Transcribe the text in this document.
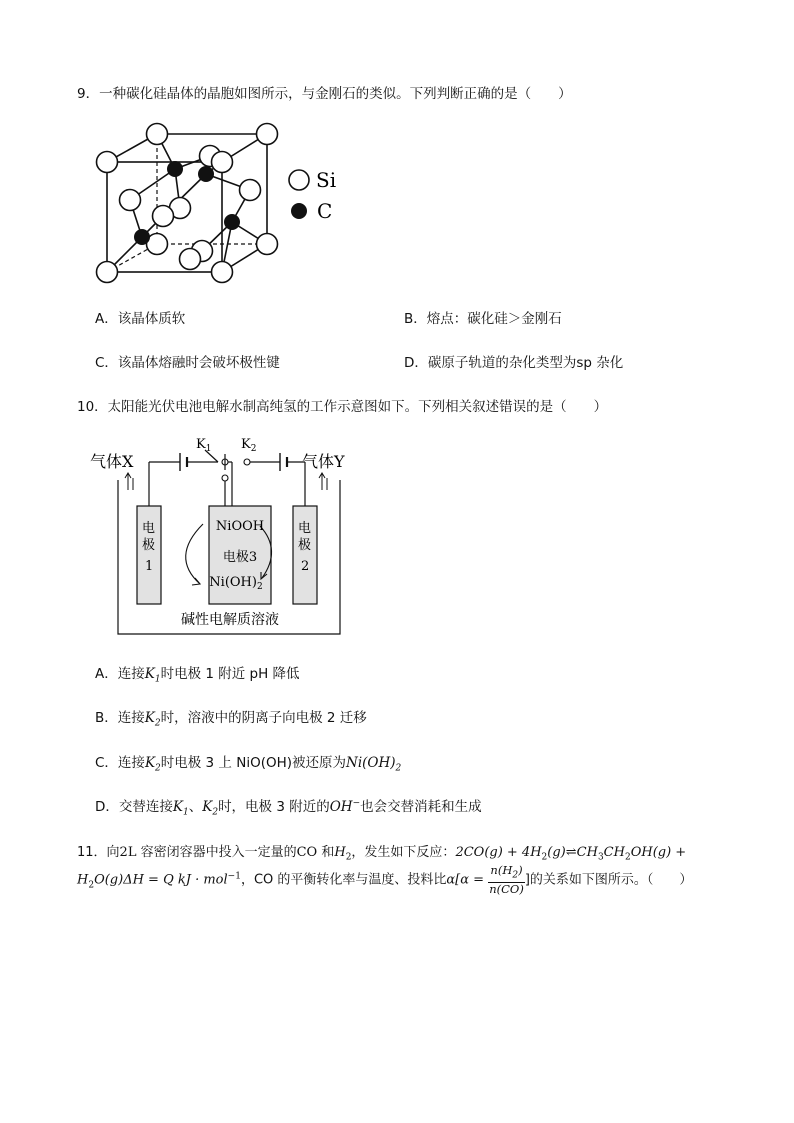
9．一种碳化硅晶体的晶胞如图所示，与金刚石的类似。下列判断正确的是（　　）
Si
C
A．该晶体质软	B．熔点：碳化硅＞金刚石
C．该晶体熔融时会破坏极性键	D．碳原子轨道的杂化类型为sp 杂化
10．太阳能光伏电池电解水制高纯氢的工作示意图如下。下列相关叙述错误的是（　　）
气体X	气体Y
$K_1$ $K_2$
电
极
1
电
极
2
NiOOH
电极3
$Ni(OH)_2$
碱性电解质溶液
A．连接$K_1$时电极 1 附近 pH 降低
B．连接$K_2$时，溶液中的阴离子向电极 2 迁移
C．连接$K_2$时电极 3 上 NiO(OH)被还原为$Ni(OH)_2$
D．交替连接$K_1$、$K_2$时，电极 3 附近的OH−也会交替消耗和生成
11．向2L 容密闭容器中投入一定量的CO 和$H_2$，发生如下反应：$2CO(g) + 4H_2(g)\rightleftharpoons CH_3CH_2OH(g)$ +
$H_2O(g)\Delta H = Q$ kJ · mol$^{-1}$，CO 的平衡转化率与温度、投料比$\alpha[\alpha = \frac{n(H_2)}{n(CO)}$ ]的关系如下图所示。（　　）
